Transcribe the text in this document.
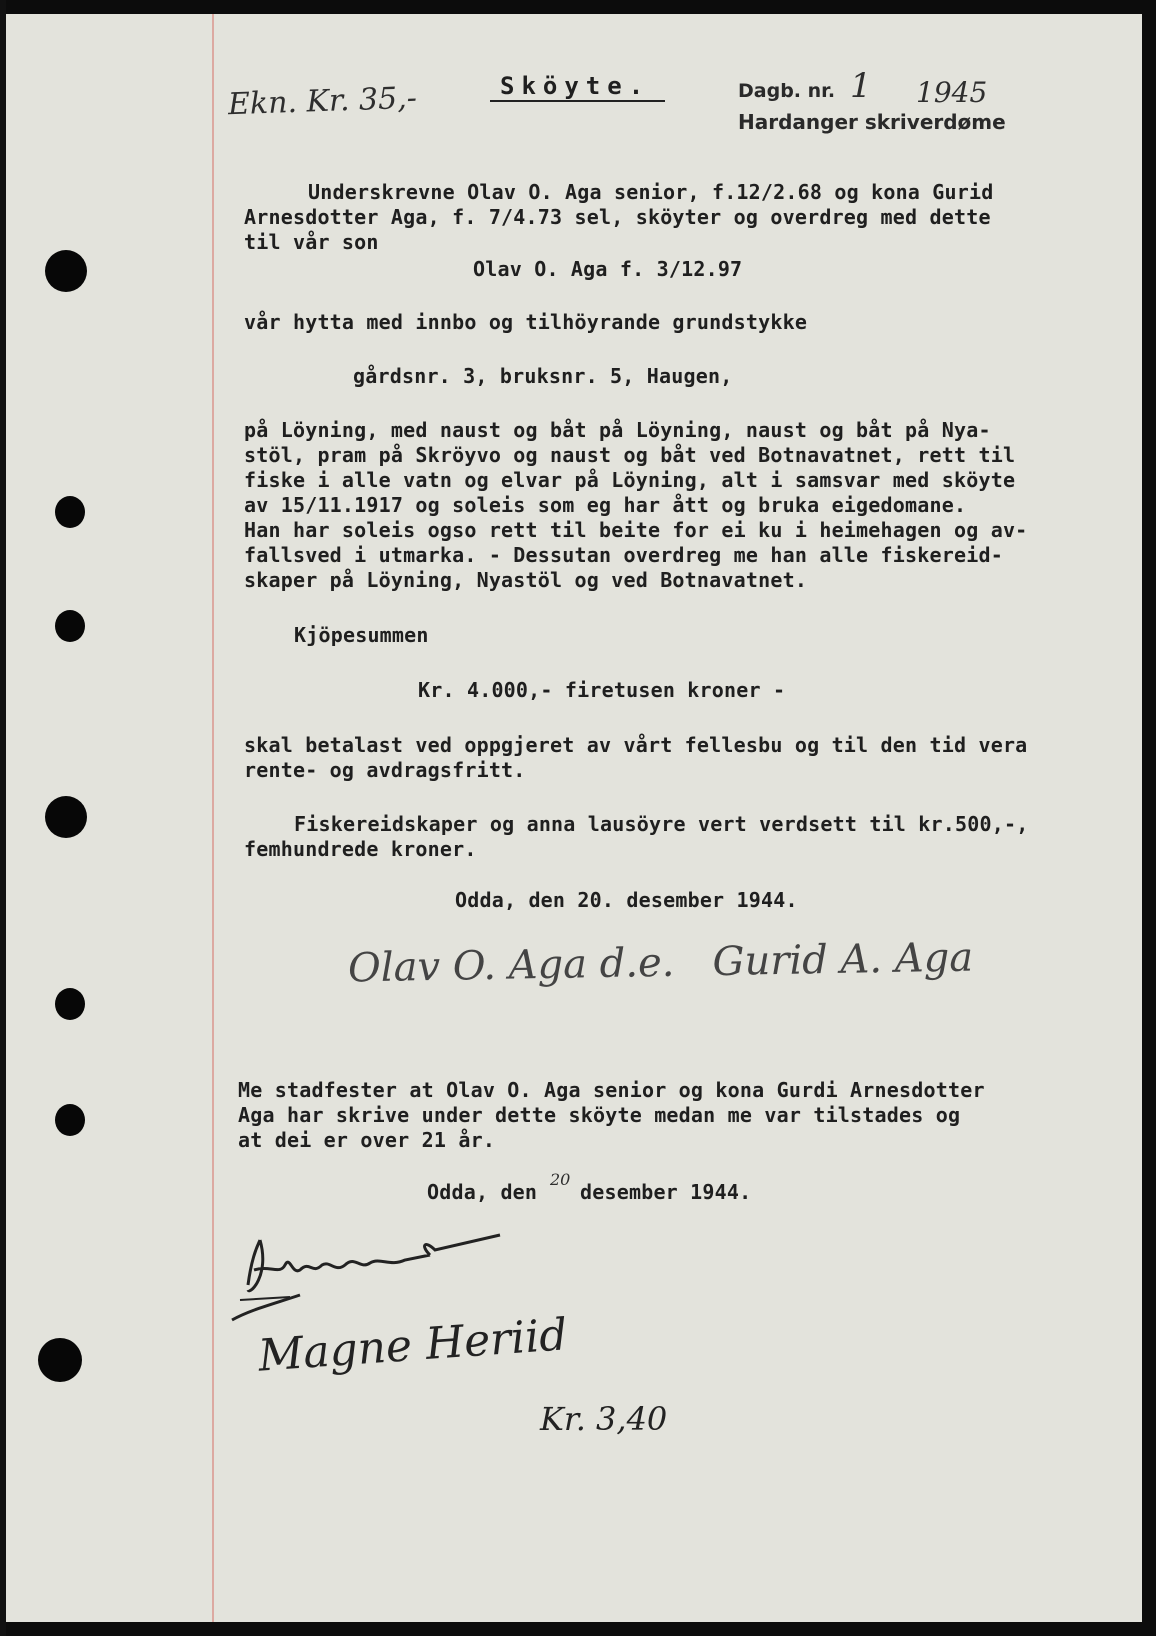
Ekn. Kr. 35,-	Sköyte.	Dagb. nr. 1 1945
Hardanger skriverdøme
Underskrevne Olav O. Aga senior, f.12/2.68 og kona Gurid
Arnesdotter Aga, f. 7/4.73 sel, sköyter og overdreg med dette
til vår son
Olav O. Aga f. 3/12.97
vår hytta med innbo og tilhöyrande grundstykke
gårdsnr. 3, bruksnr. 5, Haugen,
på Löyning, med naust og båt på Löyning, naust og båt på Nya-
stöl, pram på Skröyvo og naust og båt ved Botnavatnet, rett til
fiske i alle vatn og elvar på Löyning, alt i samsvar med sköyte
av 15/11.1917 og soleis som eg har ått og bruka eigedomane.
Han har soleis ogso rett til beite for ei ku i heimehagen og av-
fallsved i utmarka. - Dessutan overdreg me han alle fiskereid-
skaper på Löyning, Nyastöl og ved Botnavatnet.
Kjöpesummen
Kr. 4.000,- firetusen kroner -
skal betalast ved oppgjeret av vårt fellesbu og til den tid vera
rente- og avdragsfritt.
Fiskereidskaper og anna lausöyre vert verdsett til kr.500,-,
femhundrede kroner.
Odda, den 20. desember 1944.
Olav O. Aga d.e.   Gurid A. Aga
Me stadfester at Olav O. Aga senior og kona Gurdi Arnesdotter
Aga har skrive under dette sköyte medan me var tilstades og
at dei er over 21 år.
Odda, den
20
desember 1944.
Magne Heriid
Kr. 3,40
